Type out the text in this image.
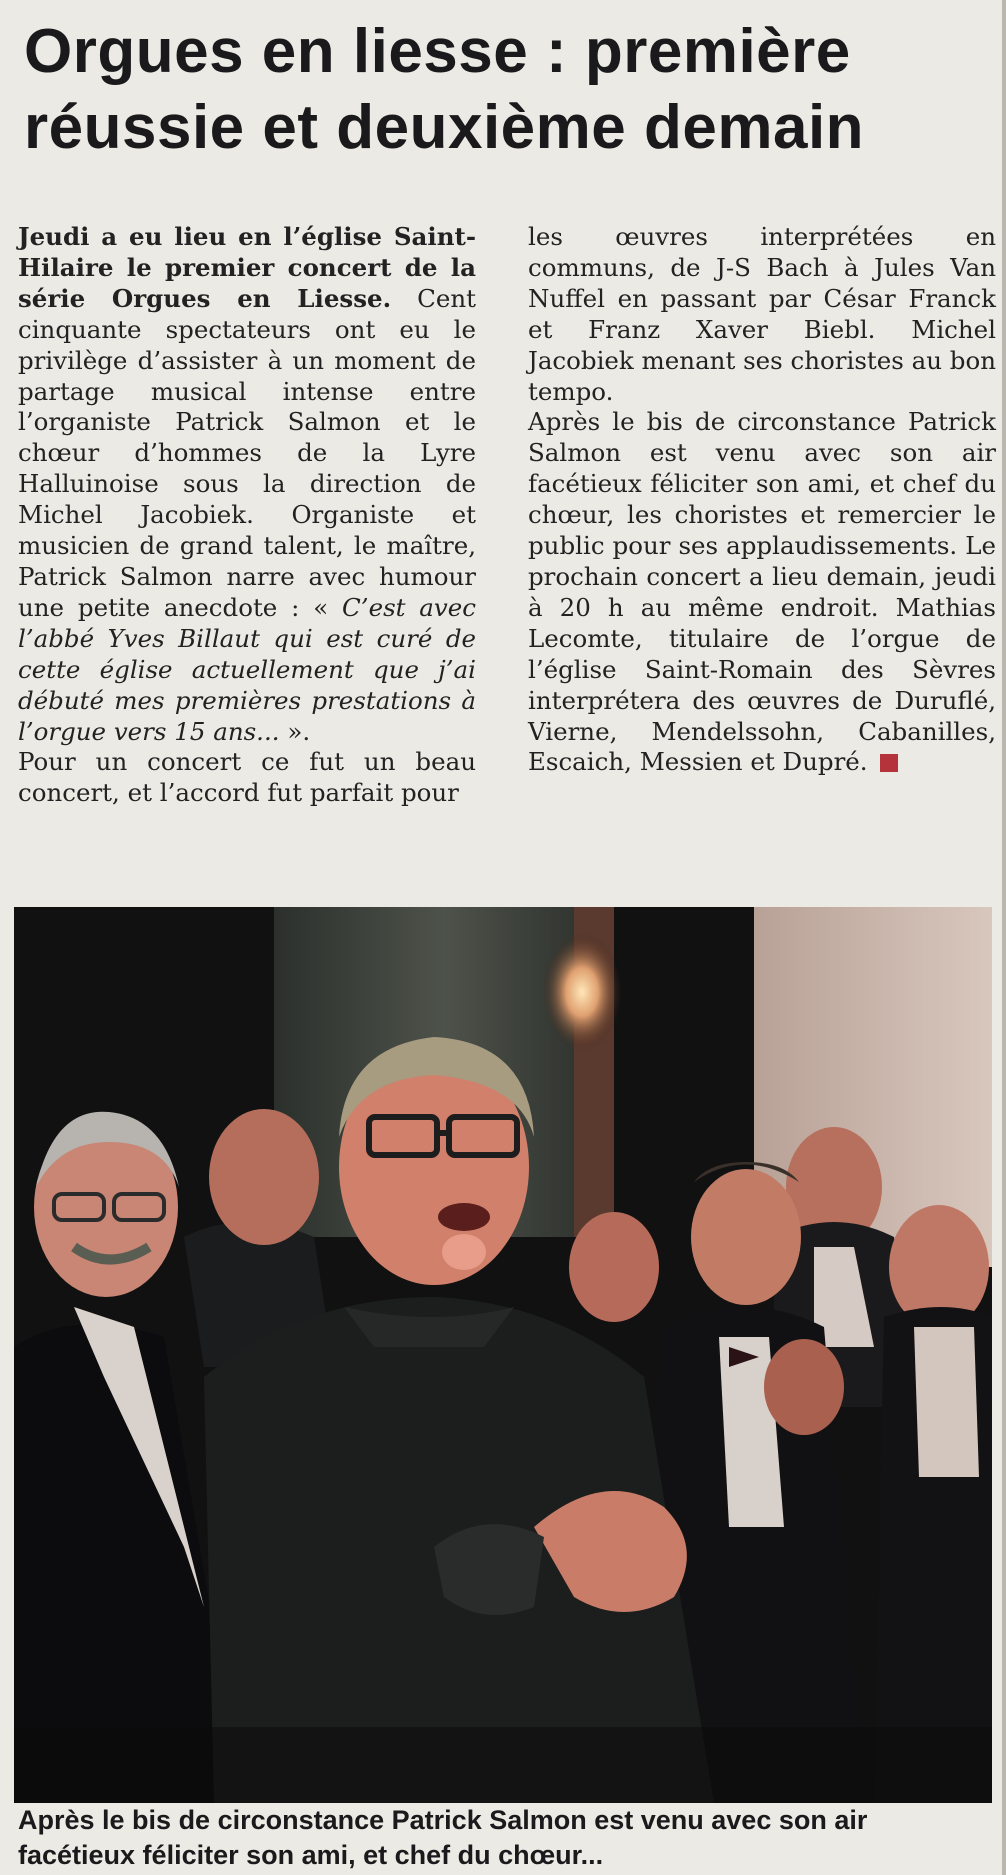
Orgues en liesse : première
réussie et deuxième demain

Jeudi a eu lieu en l’église Saint-Hilaire le premier concert de la série Orgues en Liesse. Cent cinquante spectateurs ont eu le privilège d’assister à un moment de partage musical intense entre l’organiste Patrick Salmon et le chœur d’hommes de la Lyre Halluinoise sous la direction de Michel Jacobiek. Organiste et musicien de grand talent, le maître, Patrick Salmon narre avec humour une petite anecdote : « C’est avec l’abbé Yves Billaut qui est curé de cette église actuellement que j’ai débuté mes premières prestations à l’orgue vers 15 ans... ».

Pour un concert ce fut un beau concert, et l’accord fut parfait pour

les œuvres interprétées en communs, de J-S Bach à Jules Van Nuffel en passant par César Franck et Franz Xaver Biebl. Michel Jacobiek menant ses choristes au bon tempo.

Après le bis de circonstance Patrick Salmon est venu avec son air facétieux féliciter son ami, et chef du chœur, les choristes et remercier le public pour ses applaudissements. Le prochain concert a lieu demain, jeudi à 20 h au même endroit. Mathias Lecomte, titulaire de l’orgue de l’église Saint-Romain des Sèvres interprétera des œuvres de Duruflé, Vierne, Mendelssohn, Cabanilles, Escaich, Messien et Dupré.

Après le bis de circonstance Patrick Salmon est venu avec son air
facétieux féliciter son ami, et chef du chœur...
